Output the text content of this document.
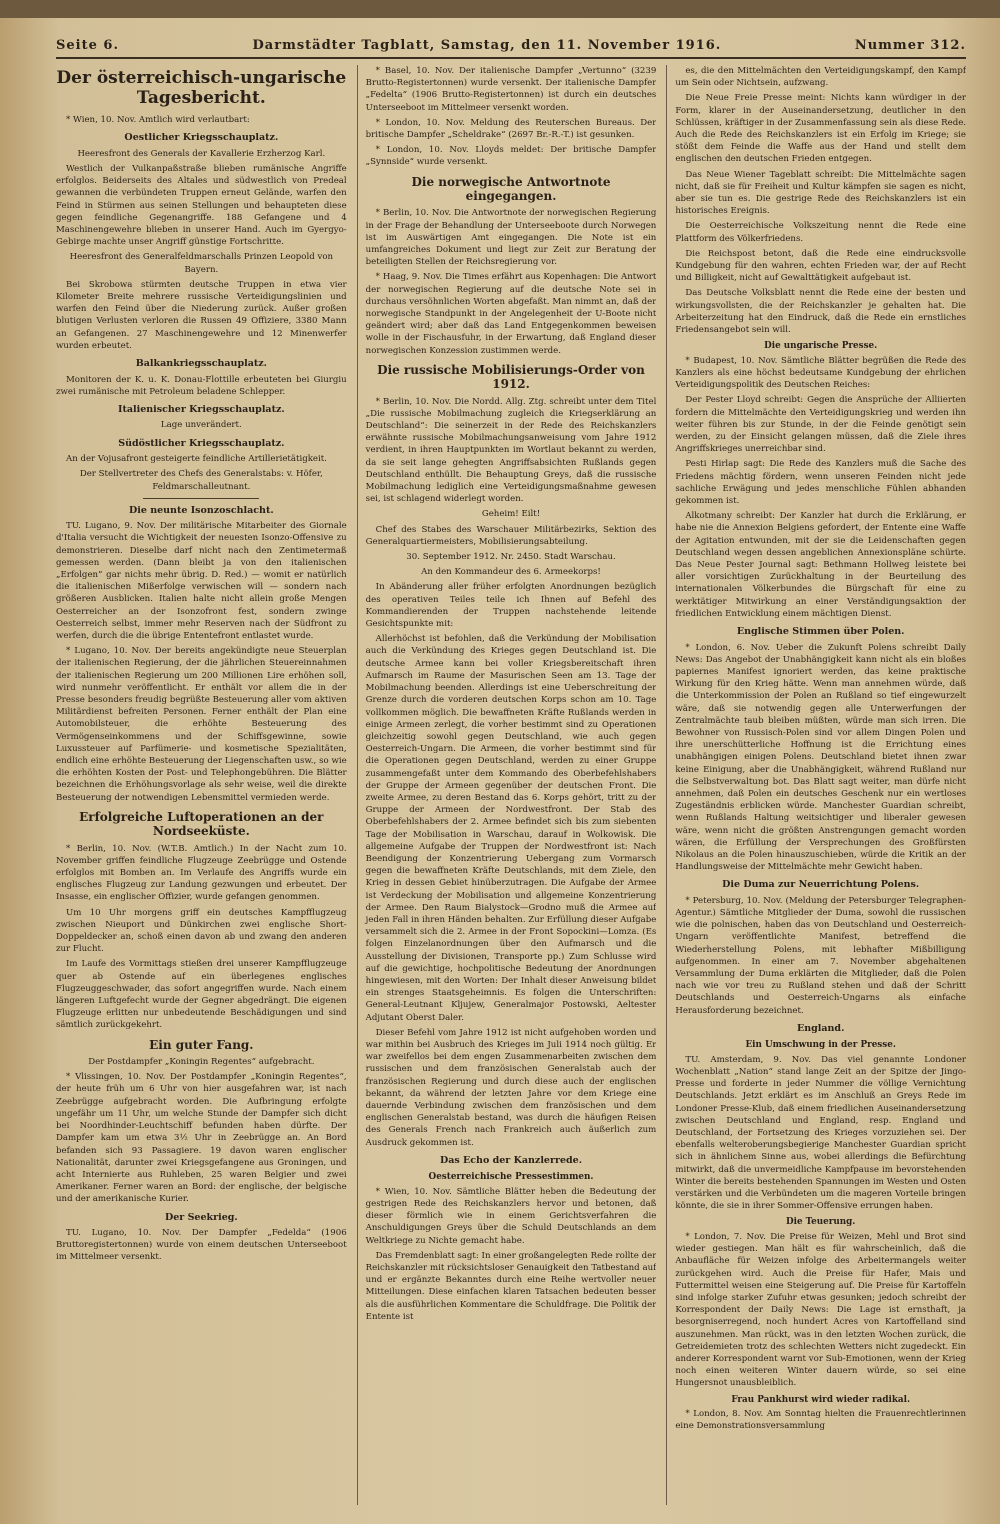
Seite 6.	Darmstädter Tagblatt, Samstag, den 11. November 1916.	Nummer 312.
Der österreichisch-ungarische Tagesbericht.

* Wien, 10. Nov. Amtlich wird verlautbart:

Oestlicher Kriegsschauplatz.

Heeresfront des Generals der Kavallerie Erzherzog Karl.

Westlich der Vulkanpaßstraße blieben rumänische Angriffe erfolglos. Beiderseits des Altales und südwestlich von Predeal gewannen die verbündeten Truppen erneut Gelände, warfen den Feind in Stürmen aus seinen Stellungen und behaupteten diese gegen feindliche Gegenangriffe. 188 Gefangene und 4 Maschinengewehre blieben in unserer Hand. Auch im Gyergyo-Gebirge machte unser Angriff günstige Fortschritte.

Heeresfront des Generalfeldmarschalls Prinzen Leopold von Bayern.

Bei Skrobowa stürmten deutsche Truppen in etwa vier Kilometer Breite mehrere russische Verteidigungslinien und warfen den Feind über die Niederung zurück. Außer großen blutigen Verlusten verloren die Russen 49 Offiziere, 3380 Mann an Gefangenen. 27 Maschinengewehre und 12 Minenwerfer wurden erbeutet.

Balkankriegsschauplatz.

Monitoren der K. u. K. Donau-Flottille erbeuteten bei Giurgiu zwei rumänische mit Petroleum beladene Schlepper.

Italienischer Kriegsschauplatz.

Lage unverändert.

Südöstlicher Kriegsschauplatz.

An der Vojusafront gesteigerte feindliche Artillerietätigkeit.

Der Stellvertreter des Chefs des Generalstabs: v. Höfer, Feldmarschalleutnant.

Die neunte Isonzoschlacht.

TU. Lugano, 9. Nov. Der militärische Mitarbeiter des Giornale d'Italia versucht die Wichtigkeit der neuesten Isonzo-Offensive zu demonstrieren. Dieselbe darf nicht nach den Zentimetermaß gemessen werden. (Dann bleibt ja von den italienischen „Erfolgen“ gar nichts mehr übrig. D. Red.) — womit er natürlich die italienischen Mißerfolge verwischen will — sondern nach größeren Ausblicken. Italien halte nicht allein große Mengen Oesterreicher an der Isonzofront fest, sondern zwinge Oesterreich selbst, immer mehr Reserven nach der Südfront zu werfen, durch die die übrige Ententefront entlastet wurde.

* Lugano, 10. Nov. Der bereits angekündigte neue Steuerplan der italienischen Regierung, der die jährlichen Steuereinnahmen der italienischen Regierung um 200 Millionen Lire erhöhen soll, wird nunmehr veröffentlicht. Er enthält vor allem die in der Presse besonders freudig begrüßte Besteuerung aller vom aktiven Militärdienst befreiten Personen. Ferner enthält der Plan eine Automobilsteuer, die erhöhte Besteuerung des Vermögenseinkommens und der Schiffsgewinne, sowie Luxussteuer auf Parfümerie- und kosmetische Spezialitäten, endlich eine erhöhte Besteuerung der Liegenschaften usw., so wie die erhöhten Kosten der Post- und Telephongebühren. Die Blätter bezeichnen die Erhöhungsvorlage als sehr weise, weil die direkte Besteuerung der notwendigen Lebensmittel vermieden werde.

Erfolgreiche Luftoperationen an der Nordseeküste.

* Berlin, 10. Nov. (W.T.B. Amtlich.) In der Nacht zum 10. November griffen feindliche Flugzeuge Zeebrügge und Ostende erfolglos mit Bomben an. Im Verlaufe des Angriffs wurde ein englisches Flugzeug zur Landung gezwungen und erbeutet. Der Insasse, ein englischer Offizier, wurde gefangen genommen.

Um 10 Uhr morgens griff ein deutsches Kampfflugzeug zwischen Nieuport und Dünkirchen zwei englische Short-Doppeldecker an, schoß einen davon ab und zwang den anderen zur Flucht.

Im Laufe des Vormittags stießen drei unserer Kampfflugzeuge quer ab Ostende auf ein überlegenes englisches Flugzeuggeschwader, das sofort angegriffen wurde. Nach einem längeren Luftgefecht wurde der Gegner abgedrängt. Die eigenen Flugzeuge erlitten nur unbedeutende Beschädigungen und sind sämtlich zurückgekehrt.

Ein guter Fang.

Der Postdampfer „Koningin Regentes“ aufgebracht.

* Vlissingen, 10. Nov. Der Postdampfer „Koningin Regentes“, der heute früh um 6 Uhr von hier ausgefahren war, ist nach Zeebrügge aufgebracht worden. Die Aufbringung erfolgte ungefähr um 11 Uhr, um welche Stunde der Dampfer sich dicht bei Noordhinder-Leuchtschiff befunden haben dürfte. Der Dampfer kam um etwa 3½ Uhr in Zeebrügge an. An Bord befanden sich 93 Passagiere. 19 davon waren englischer Nationalität, darunter zwei Kriegsgefangene aus Groningen, und acht Internierte aus Ruhleben, 25 waren Belgier und zwei Amerikaner. Ferner waren an Bord: der englische, der belgische und der amerikanische Kurier.

Der Seekrieg.

TU. Lugano, 10. Nov. Der Dampfer „Fedelda“ (1906 Bruttoregistertonnen) wurde von einem deutschen Unterseeboot im Mittelmeer versenkt.

* Basel, 10. Nov. Der italienische Dampfer „Vertunno“ (3239 Brutto-Registertonnen) wurde versenkt. Der italienische Dampfer „Fedelta“ (1906 Brutto-Registertonnen) ist durch ein deutsches Unterseeboot im Mittelmeer versenkt worden.

* London, 10. Nov. Meldung des Reuterschen Bureaus. Der britische Dampfer „Scheldrake“ (2697 Br.-R.-T.) ist gesunken.

* London, 10. Nov. Lloyds meldet: Der britische Dampfer „Synnside“ wurde versenkt.

Die norwegische Antwortnote eingegangen.

* Berlin, 10. Nov. Die Antwortnote der norwegischen Regierung in der Frage der Behandlung der Unterseeboote durch Norwegen ist im Auswärtigen Amt eingegangen. Die Note ist ein umfangreiches Dokument und liegt zur Zeit zur Beratung der beteiligten Stellen der Reichsregierung vor.

* Haag, 9. Nov. Die Times erfährt aus Kopenhagen: Die Antwort der norwegischen Regierung auf die deutsche Note sei in durchaus versöhnlichen Worten abgefaßt. Man nimmt an, daß der norwegische Standpunkt in der Angelegenheit der U-Boote nicht geändert wird; aber daß das Land Entgegenkommen beweisen wolle in der Fischausfuhr, in der Erwartung, daß England dieser norwegischen Konzession zustimmen werde.

Die russische Mobilisierungs-Order von 1912.

* Berlin, 10. Nov. Die Nordd. Allg. Ztg. schreibt unter dem Titel „Die russische Mobilmachung zugleich die Kriegserklärung an Deutschland“: Die seinerzeit in der Rede des Reichskanzlers erwähnte russische Mobilmachungsanweisung vom Jahre 1912 verdient, in ihren Hauptpunkten im Wortlaut bekannt zu werden, da sie seit lange gehegten Angriffsabsichten Rußlands gegen Deutschland enthüllt. Die Behauptung Greys, daß die russische Mobilmachung lediglich eine Verteidigungsmaßnahme gewesen sei, ist schlagend widerlegt worden.

Geheim! Eilt!

Chef des Stabes des Warschauer Militärbezirks, Sektion des Generalquartiermeisters, Mobilisierungsabteilung.

30. September 1912. Nr. 2450. Stadt Warschau.

An den Kommandeur des 6. Armeekorps!

In Abänderung aller früher erfolgten Anordnungen bezüglich des operativen Teiles teile ich Ihnen auf Befehl des Kommandierenden der Truppen nachstehende leitende Gesichtspunkte mit:

Allerhöchst ist befohlen, daß die Verkündung der Mobilisation auch die Verkündung des Krieges gegen Deutschland ist. Die deutsche Armee kann bei voller Kriegsbereitschaft ihren Aufmarsch im Raume der Masurischen Seen am 13. Tage der Mobilmachung beenden. Allerdings ist eine Ueberschreitung der Grenze durch die vorderen deutschen Korps schon am 10. Tage vollkommen möglich. Die bewaffneten Kräfte Rußlands werden in einige Armeen zerlegt, die vorher bestimmt sind zu Operationen gleichzeitig sowohl gegen Deutschland, wie auch gegen Oesterreich-Ungarn. Die Armeen, die vorher bestimmt sind für die Operationen gegen Deutschland, werden zu einer Gruppe zusammengefaßt unter dem Kommando des Oberbefehlshabers der Gruppe der Armeen gegenüber der deutschen Front. Die zweite Armee, zu deren Bestand das 6. Korps gehört, tritt zu der Gruppe der Armeen der Nordwestfront. Der Stab des Oberbefehlshabers der 2. Armee befindet sich bis zum siebenten Tage der Mobilisation in Warschau, darauf in Wolkowisk. Die allgemeine Aufgabe der Truppen der Nordwestfront ist: Nach Beendigung der Konzentrierung Uebergang zum Vormarsch gegen die bewaffneten Kräfte Deutschlands, mit dem Ziele, den Krieg in dessen Gebiet hinüberzutragen. Die Aufgabe der Armee ist Verdeckung der Mobilisation und allgemeine Konzentrierung der Armee. Den Raum Bialystock—Grodno muß die Armee auf jeden Fall in ihren Händen behalten. Zur Erfüllung dieser Aufgabe versammelt sich die 2. Armee in der Front Sopockini—Lomza. (Es folgen Einzelanordnungen über den Aufmarsch und die Ausstellung der Divisionen, Transporte pp.) Zum Schlusse wird auf die gewichtige, hochpolitische Bedeutung der Anordnungen hingewiesen, mit den Worten: Der Inhalt dieser Anweisung bildet ein strenges Staatsgeheimnis. Es folgen die Unterschriften: General-Leutnant Kljujew, Generalmajor Postowski, Aeltester Adjutant Oberst Daler.

Dieser Befehl vom Jahre 1912 ist nicht aufgehoben worden und war mithin bei Ausbruch des Krieges im Juli 1914 noch gültig. Er war zweifellos bei dem engen Zusammenarbeiten zwischen dem russischen und dem französischen Generalstab auch der französischen Regierung und durch diese auch der englischen bekannt, da während der letzten Jahre vor dem Kriege eine dauernde Verbindung zwischen dem französischen und dem englischen Generalstab bestand, was durch die häufigen Reisen des Generals French nach Frankreich auch äußerlich zum Ausdruck gekommen ist.

Das Echo der Kanzlerrede.
Oesterreichische Pressestimmen.

* Wien, 10. Nov. Sämtliche Blätter heben die Bedeutung der gestrigen Rede des Reichskanzlers hervor und betonen, daß dieser förmlich wie in einem Gerichtsverfahren die Anschuldigungen Greys über die Schuld Deutschlands an dem Weltkriege zu Nichte gemacht habe.

Das Fremdenblatt sagt: In einer großangelegten Rede rollte der Reichskanzler mit rücksichtsloser Genauigkeit den Tatbestand auf und er ergänzte Bekanntes durch eine Reihe wertvoller neuer Mitteilungen. Diese einfachen klaren Tatsachen bedeuten besser als die ausführlichen Kommentare die Schuldfrage. Die Politik der Entente ist

es, die den Mittelmächten den Verteidigungskampf, den Kampf um Sein oder Nichtsein, aufzwang.

Die Neue Freie Presse meint: Nichts kann würdiger in der Form, klarer in der Auseinandersetzung, deutlicher in den Schlüssen, kräftiger in der Zusammenfassung sein als diese Rede. Auch die Rede des Reichskanzlers ist ein Erfolg im Kriege; sie stößt dem Feinde die Waffe aus der Hand und stellt dem englischen den deutschen Frieden entgegen.

Das Neue Wiener Tageblatt schreibt: Die Mittelmächte sagen nicht, daß sie für Freiheit und Kultur kämpfen sie sagen es nicht, aber sie tun es. Die gestrige Rede des Reichskanzlers ist ein historisches Ereignis.

Die Oesterreichische Volkszeitung nennt die Rede eine Plattform des Völkerfriedens.

Die Reichspost betont, daß die Rede eine eindrucksvolle Kundgebung für den wahren, echten Frieden war, der auf Recht und Billigkeit, nicht auf Gewalttätigkeit aufgebaut ist.

Das Deutsche Volksblatt nennt die Rede eine der besten und wirkungsvollsten, die der Reichskanzler je gehalten hat. Die Arbeiterzeitung hat den Eindruck, daß die Rede ein ernstliches Friedensangebot sein will.

Die ungarische Presse.

* Budapest, 10. Nov. Sämtliche Blätter begrüßen die Rede des Kanzlers als eine höchst bedeutsame Kundgebung der ehrlichen Verteidigungspolitik des Deutschen Reiches:

Der Pester Lloyd schreibt: Gegen die Ansprüche der Alliierten fordern die Mittelmächte den Verteidigungskrieg und werden ihn weiter führen bis zur Stunde, in der die Feinde genötigt sein werden, zu der Einsicht gelangen müssen, daß die Ziele ihres Angriffskrieges unerreichbar sind.

Pesti Hirlap sagt: Die Rede des Kanzlers muß die Sache des Friedens mächtig fördern, wenn unseren Feinden nicht jede sachliche Erwägung und jedes menschliche Fühlen abhanden gekommen ist.

Alkotmany schreibt: Der Kanzler hat durch die Erklärung, er habe nie die Annexion Belgiens gefordert, der Entente eine Waffe der Agitation entwunden, mit der sie die Leidenschaften gegen Deutschland wegen dessen angeblichen Annexionspläne schürte. Das Neue Pester Journal sagt: Bethmann Hollweg leistete bei aller vorsichtigen Zurückhaltung in der Beurteilung des internationalen Völkerbundes die Bürgschaft für eine zu werktätiger Mitwirkung an einer Verständigungsaktion der friedlichen Entwicklung einem mächtigen Dienst.

Englische Stimmen über Polen.

* London, 6. Nov. Ueber die Zukunft Polens schreibt Daily News: Das Angebot der Unabhängigkeit kann nicht als ein bloßes papiernes Manifest ignoriert werden, das keine praktische Wirkung für den Krieg hätte. Wenn man annehmen würde, daß die Unterkommission der Polen an Rußland so tief eingewurzelt wäre, daß sie notwendig gegen alle Unterwerfungen der Zentralmächte taub bleiben müßten, würde man sich irren. Die Bewohner von Russisch-Polen sind vor allem Dingen Polen und ihre unerschütterliche Hoffnung ist die Errichtung eines unabhängigen einigen Polens. Deutschland bietet ihnen zwar keine Einigung, aber die Unabhängigkeit, während Rußland nur die Selbstverwaltung bot. Das Blatt sagt weiter, man dürfe nicht annehmen, daß Polen ein deutsches Geschenk nur ein wertloses Zugeständnis erblicken würde. Manchester Guardian schreibt, wenn Rußlands Haltung weitsichtiger und liberaler gewesen wäre, wenn nicht die größten Anstrengungen gemacht worden wären, die Erfüllung der Versprechungen des Großfürsten Nikolaus an die Polen hinauszuschieben, würde die Kritik an der Handlungsweise der Mittelmächte mehr Gewicht haben.

Die Duma zur Neuerrichtung Polens.

* Petersburg, 10. Nov. (Meldung der Petersburger Telegraphen-Agentur.) Sämtliche Mitglieder der Duma, sowohl die russischen wie die polnischen, haben das von Deutschland und Oesterreich-Ungarn veröffentlichte Manifest, betreffend die Wiederherstellung Polens, mit lebhafter Mißbilligung aufgenommen. In einer am 7. November abgehaltenen Versammlung der Duma erklärten die Mitglieder, daß die Polen nach wie vor treu zu Rußland stehen und daß der Schritt Deutschlands und Oesterreich-Ungarns als einfache Herausforderung bezeichnet.

England.
Ein Umschwung in der Presse.

TU. Amsterdam, 9. Nov. Das viel genannte Londoner Wochenblatt „Nation“ stand lange Zeit an der Spitze der Jingo-Presse und forderte in jeder Nummer die völlige Vernichtung Deutschlands. Jetzt erklärt es im Anschluß an Greys Rede im Londoner Presse-Klub, daß einem friedlichen Auseinandersetzung zwischen Deutschland und England, resp. England und Deutschland, der Fortsetzung des Krieges vorzuziehen sei. Der ebenfalls welteroberungsbegierige Manchester Guardian spricht sich in ähnlichem Sinne aus, wobei allerdings die Befürchtung mitwirkt, daß die unvermeidliche Kampfpause im bevorstehenden Winter die bereits bestehenden Spannungen im Westen und Osten verstärken und die Verbündeten um die mageren Vorteile bringen könnte, die sie in ihrer Sommer-Offensive errungen haben.

Die Teuerung.

* London, 7. Nov. Die Preise für Weizen, Mehl und Brot sind wieder gestiegen. Man hält es für wahrscheinlich, daß die Anbaufläche für Weizen infolge des Arbeitermangels weiter zurückgehen wird. Auch die Preise für Hafer, Mais und Futtermittel weisen eine Steigerung auf. Die Preise für Kartoffeln sind infolge starker Zufuhr etwas gesunken; jedoch schreibt der Korrespondent der Daily News: Die Lage ist ernsthaft, ja besorgniserregend, noch hundert Acres von Kartoffelland sind auszunehmen. Man rückt, was in den letzten Wochen zurück, die Getreidemieten trotz des schlechten Wetters nicht zugedeckt. Ein anderer Korrespondent warnt vor Sub-Emotionen, wenn der Krieg noch einen weiteren Winter dauern würde, so sei eine Hungersnot unausbleiblich.

Frau Pankhurst wird wieder radikal.

* London, 8. Nov. Am Sonntag hielten die Frauenrechtlerinnen eine Demonstrationsversammlung
